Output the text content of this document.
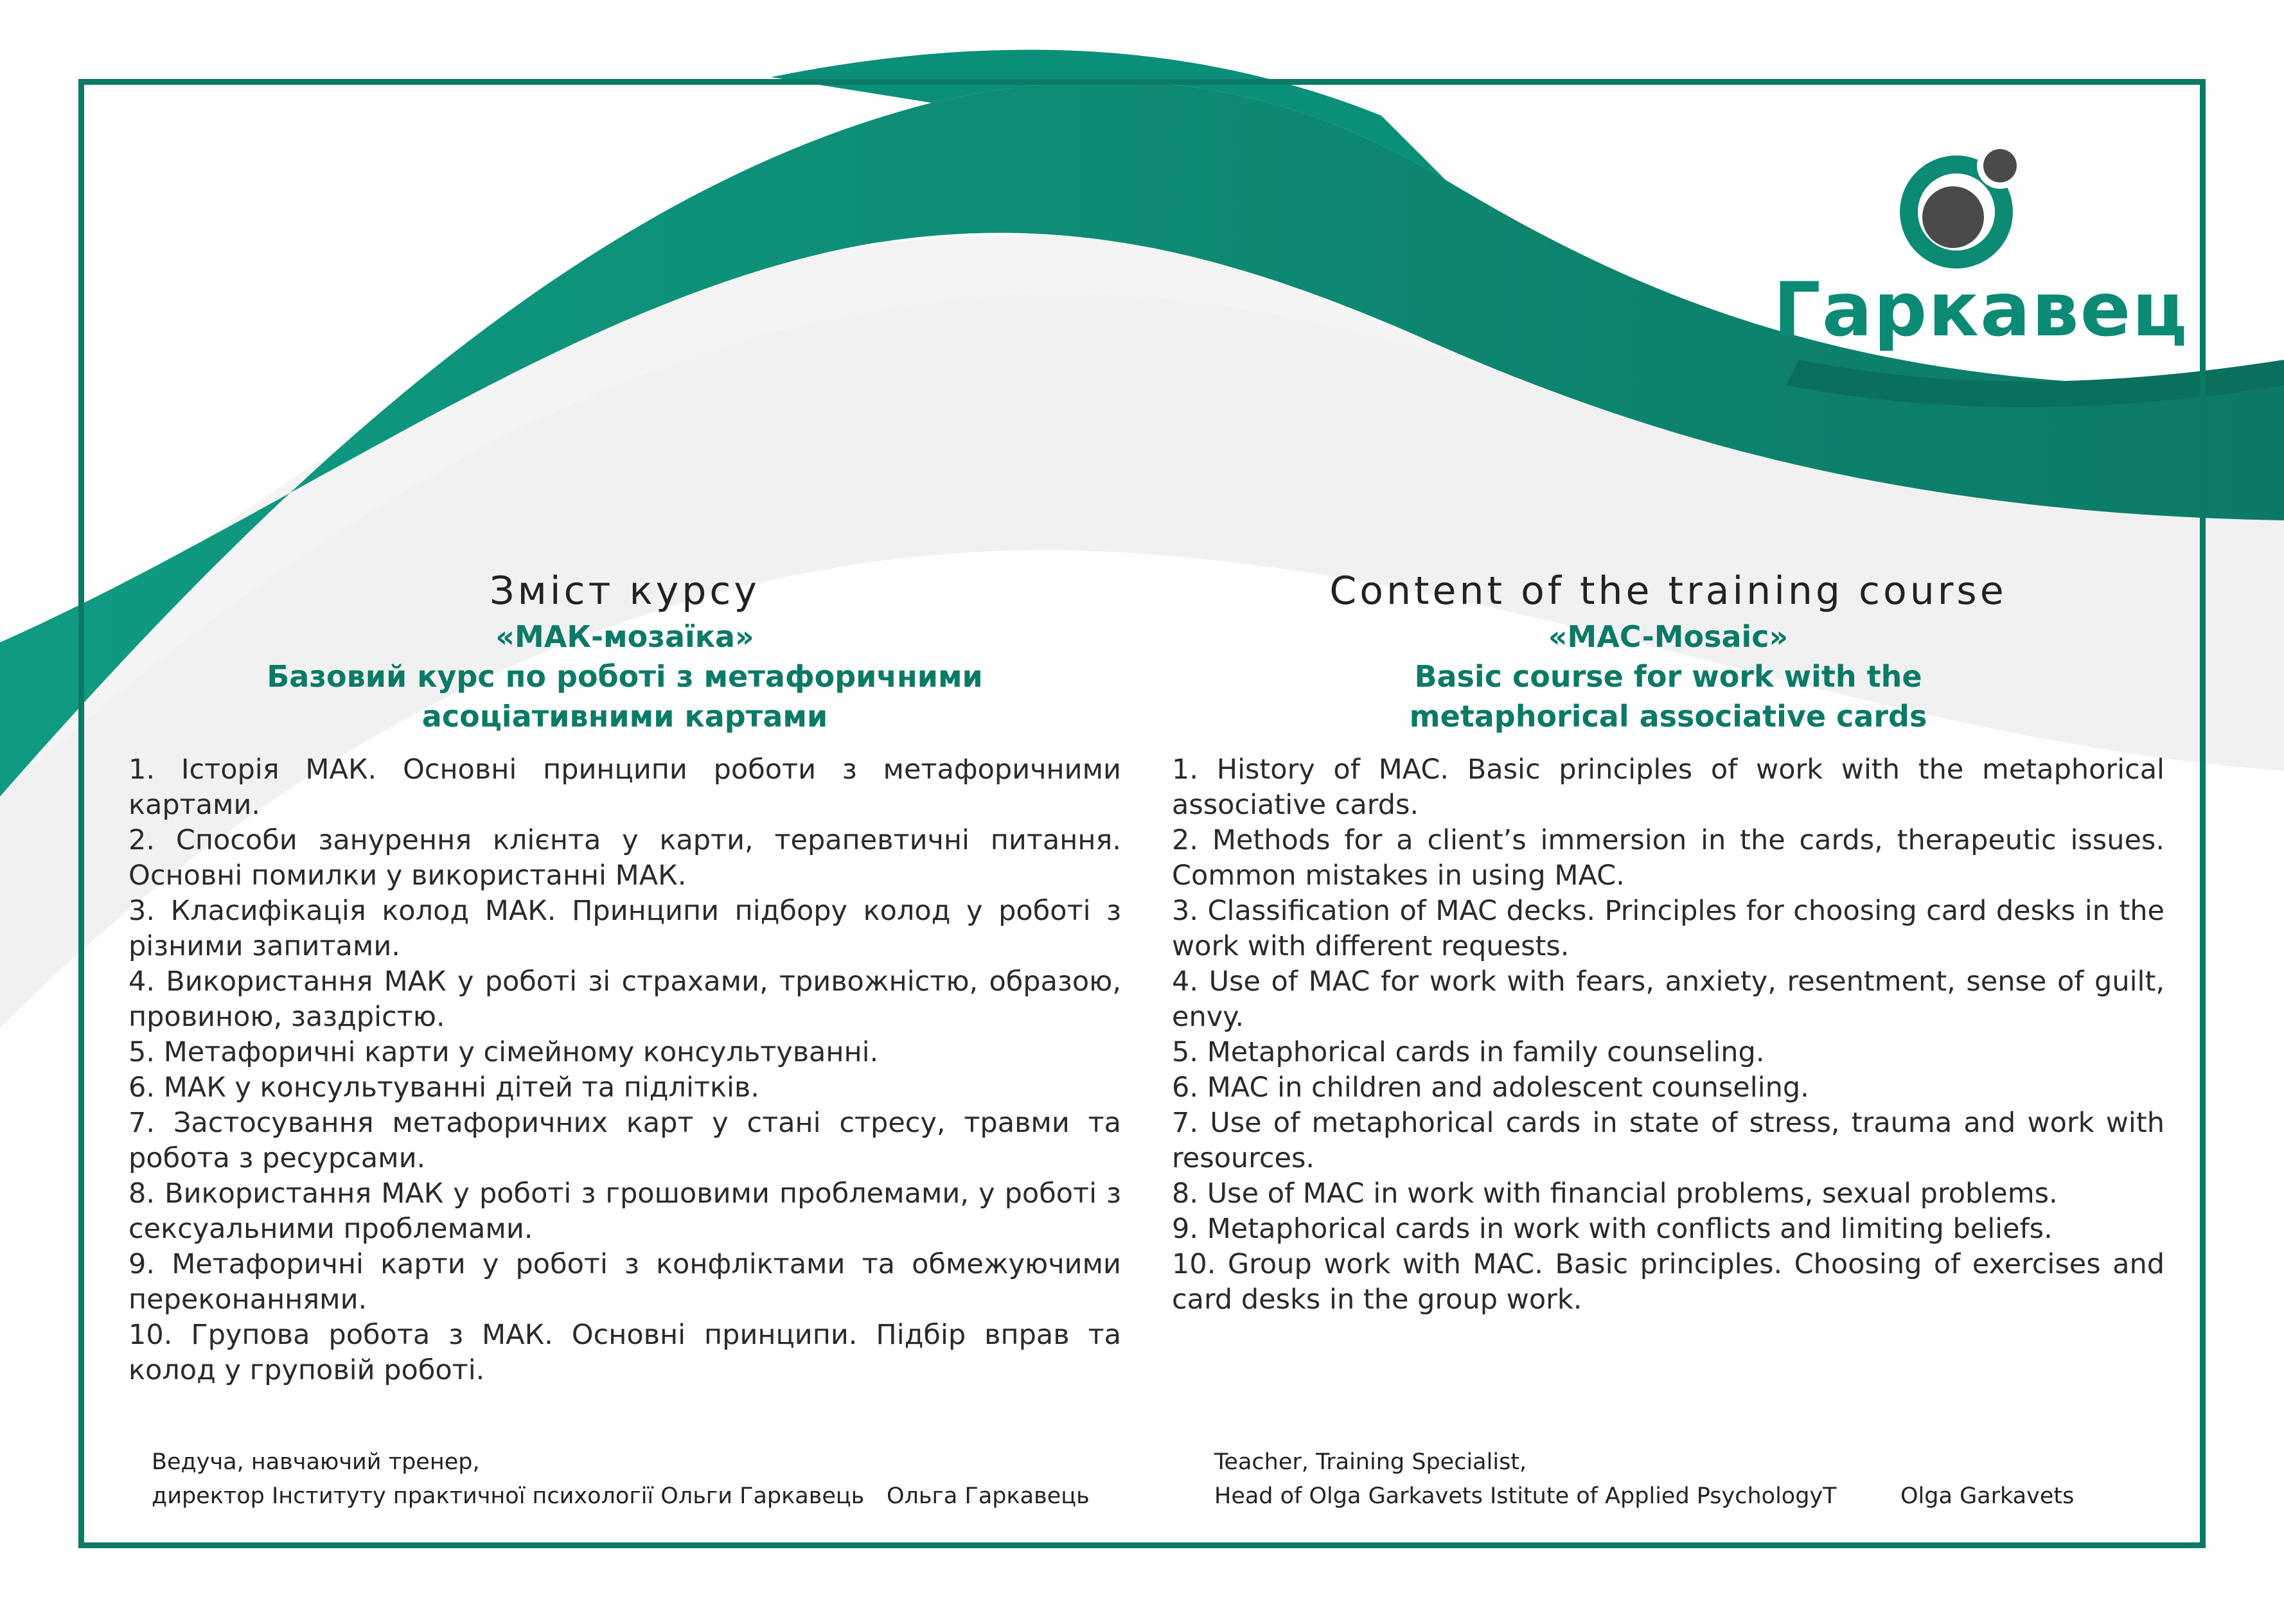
Гаркавец
Зміст курсу
«МАК-мозаїка»
Базовий курс по роботі з метафоричними
асоціативними картами
1. Історія МАК. Основні принципи роботи з метафоричними картами.
2. Способи занурення клієнта у карти, терапевтичні питання. Основні помилки у використанні МАК.
3. Класифікація колод МАК. Принципи підбору колод у роботі з різними запитами.
4. Використання МАК у роботі зі страхами, тривожністю, образою, провиною, заздрістю.
5. Метафоричні карти у сімейному консультуванні.
6. МАК у консультуванні дітей та підлітків.
7. Застосування метафоричних карт у стані стресу, травми та робота з ресурсами.
8. Використання МАК у роботі з грошовими проблемами, у роботі з сексуальними проблемами.
9. Метафоричні карти у роботі з конфліктами та обмежуючими переконаннями.
10. Групова робота з МАК. Основні принципи. Підбір вправ та колод у груповій роботі.
Content of the training course
«MAC-Mosaic»
Basic course for work with the
metaphorical associative cards
1. History of MAC. Basic principles of work with the metaphorical associative cards.
2. Methods for a client’s immersion in the cards, therapeutic issues. Common mistakes in using MAC.
3. Classification of MAC decks. Principles for choosing card desks in the work with different requests.
4. Use of MAC for work with fears, anxiety, resentment, sense of guilt, envy.
5. Metaphorical cards in family counseling.
6. MAC in children and adolescent counseling.
7. Use of metaphorical cards in state of stress, trauma and work with resources.
8. Use of MAC in work with financial problems, sexual problems.
9. Metaphorical cards in work with conflicts and limiting beliefs.
10. Group work with MAC. Basic principles. Choosing of exercises and card desks in the group work.
Ведуча, навчаючий тренер,
директор Інституту практичної психології Ольги Гаркавець Ольга Гаркавець
Teacher, Training Specialist,
Head of Olga Garkavets Istitute of Applied PsychologyT	Olga Garkavets
